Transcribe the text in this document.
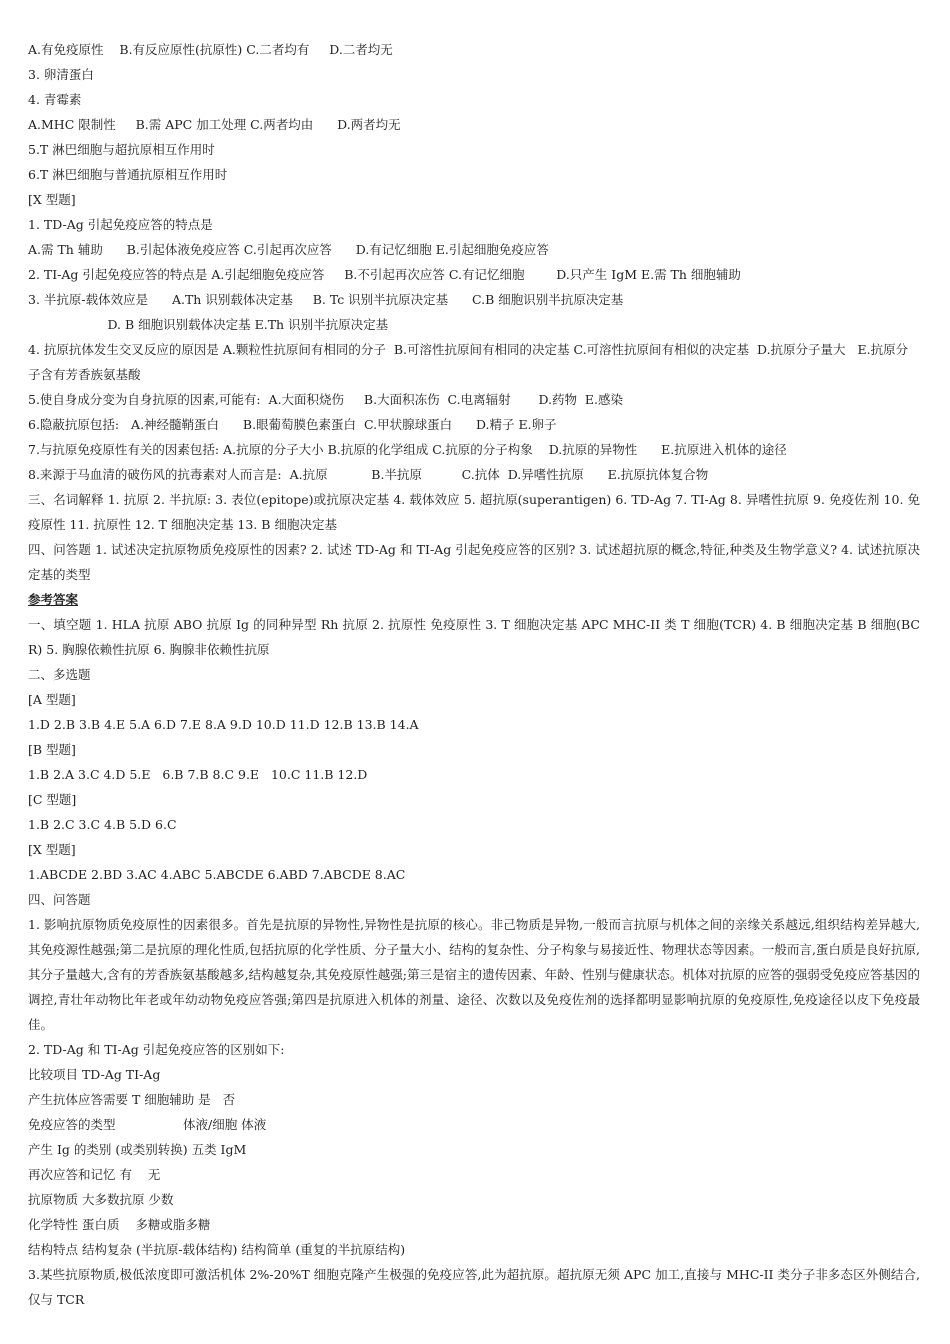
A.有免疫原性    B.有反应原性(抗原性) C.二者均有     D.二者均无
3. 卵清蛋白
4. 青霉素
A.MHC 限制性     B.需 APC 加工处理 C.两者均由      D.两者均无
5.T 淋巴细胞与超抗原相互作用时
6.T 淋巴细胞与普通抗原相互作用时
[X 型题]
1. TD-Ag 引起免疫应答的特点是
A.需 Th 辅助      B.引起体液免疫应答 C.引起再次应答      D.有记忆细胞 E.引起细胞免疫应答
2. TI-Ag 引起免疫应答的特点是 A.引起细胞免疫应答     B.不引起再次应答 C.有记忆细胞        D.只产生 IgM E.需 Th 细胞辅助
3. 半抗原-载体效应是      A.Th 识别载体决定基     B. Tc 识别半抗原决定基      C.B 细胞识别半抗原决定基
D. B 细胞识别载体决定基 E.Th 识别半抗原决定基
4. 抗原抗体发生交叉反应的原因是 A.颗粒性抗原间有相同的分子  B.可溶性抗原间有相同的决定基 C.可溶性抗原间有相似的决定基  D.抗原分子量大   E.抗原分子含有芳香族氨基酸
5.使自身成分变为自身抗原的因素,可能有:  A.大面积烧伤     B.大面积冻伤  C.电离辐射       D.药物  E.感染
6.隐蔽抗原包括:   A.神经髓鞘蛋白      B.眼葡萄膜色素蛋白  C.甲状腺球蛋白      D.精子 E.卵子
7.与抗原免疫原性有关的因素包括: A.抗原的分子大小 B.抗原的化学组成 C.抗原的分子构象    D.抗原的异物性      E.抗原进入机体的途径
8.来源于马血清的破伤风的抗毒素对人而言是:  A.抗原           B.半抗原          C.抗体  D.异嗜性抗原      E.抗原抗体复合物
三、名词解释 1. 抗原 2. 半抗原: 3. 表位(epitope)或抗原决定基 4. 载体效应 5. 超抗原(superantigen) 6. TD-Ag 7. TI-Ag 8. 异嗜性抗原 9. 免疫佐剂 10. 免疫原性 11. 抗原性 12. T 细胞决定基 13. B 细胞决定基
四、问答题 1. 试述决定抗原物质免疫原性的因素? 2. 试述 TD-Ag 和 TI-Ag 引起免疫应答的区别? 3. 试述超抗原的概念,特征,种类及生物学意义? 4. 试述抗原决定基的类型
参考答案
一、填空题 1. HLA 抗原 ABO 抗原 Ig 的同种异型 Rh 抗原 2. 抗原性 免疫原性 3. T 细胞决定基 APC MHC-II 类 T 细胞(TCR) 4. B 细胞决定基 B 细胞(BCR) 5. 胸腺依赖性抗原 6. 胸腺非依赖性抗原
二、多选题
[A 型题]
1.D 2.B 3.B 4.E 5.A 6.D 7.E 8.A 9.D 10.D 11.D 12.B 13.B 14.A
[B 型题]
1.B 2.A 3.C 4.D 5.E   6.B 7.B 8.C 9.E   10.C 11.B 12.D
[C 型题]
1.B 2.C 3.C 4.B 5.D 6.C
[X 型题]
1.ABCDE 2.BD 3.AC 4.ABC 5.ABCDE 6.ABD 7.ABCDE 8.AC
四、问答题
1. 影响抗原物质免疫原性的因素很多。首先是抗原的异物性,异物性是抗原的核心。非己物质是异物,一般而言抗原与机体之间的亲缘关系越远,组织结构差异越大,其免疫源性越强;第二是抗原的理化性质,包括抗原的化学性质、分子量大小、结构的复杂性、分子构象与易接近性、物理状态等因素。一般而言,蛋白质是良好抗原,其分子量越大,含有的芳香族氨基酸越多,结构越复杂,其免疫原性越强;第三是宿主的遗传因素、年龄、性别与健康状态。机体对抗原的应答的强弱受免疫应答基因的调控,青壮年动物比年老或年幼动物免疫应答强;第四是抗原进入机体的剂量、途径、次数以及免疫佐剂的选择都明显影响抗原的免疫原性,免疫途径以皮下免疫最佳。
2. TD-Ag 和 TI-Ag 引起免疫应答的区别如下:
比较项目 TD-Ag TI-Ag
产生抗体应答需要 T 细胞辅助 是   否
免疫应答的类型                 体液/细胞 体液
产生 Ig 的类别 (或类别转换) 五类 IgM
再次应答和记忆 有    无
抗原物质 大多数抗原 少数
化学特性 蛋白质    多糖或脂多糖
结构特点 结构复杂 (半抗原-载体结构) 结构简单 (重复的半抗原结构)
3.某些抗原物质,极低浓度即可激活机体 2%-20%T 细胞克隆产生极强的免疫应答,此为超抗原。超抗原无须 APC 加工,直接与 MHC-II 类分子非多态区外侧结合,仅与 TCR
